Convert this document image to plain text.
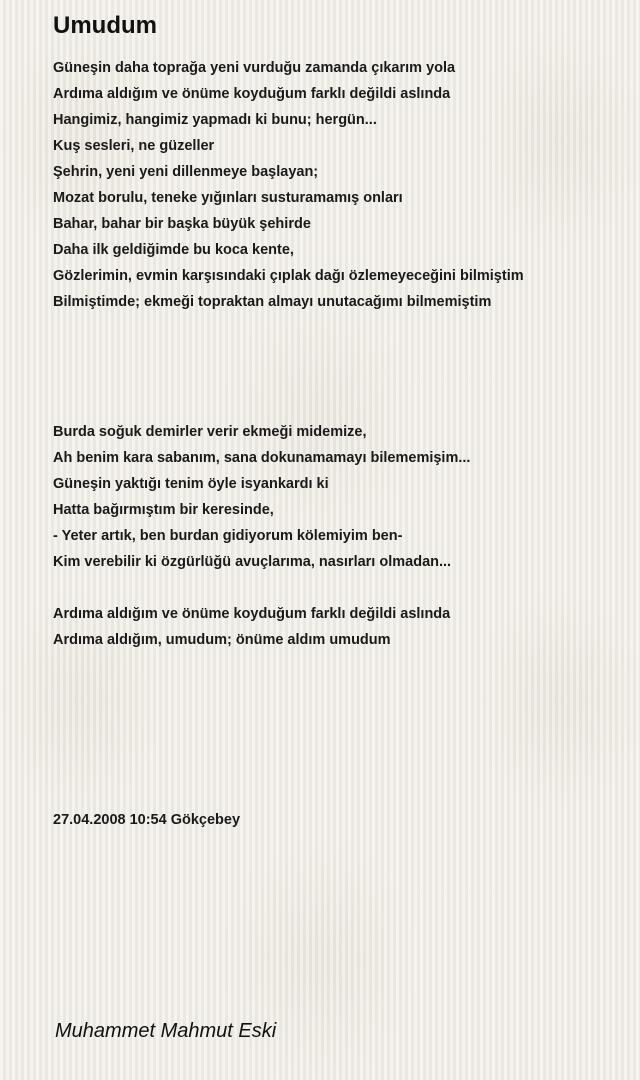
Umudum
Güneşin daha toprağa yeni vurduğu zamanda çıkarım yola
Ardıma aldığım ve önüme koyduğum farklı değildi aslında
Hangimiz, hangimiz yapmadı ki bunu; hergün...
Kuş sesleri, ne güzeller
Şehrin, yeni yeni dillenmeye başlayan;
Mozat borulu, teneke yığınları susturamamış onları
Bahar, bahar bir başka büyük şehirde
Daha ilk geldiğimde bu koca kente,
Gözlerimin, evmin karşısındaki çıplak dağı özlemeyeceğini bilmiştim
Bilmiştimde; ekmeği topraktan almayı unutacağımı bilmemiştim
Burda soğuk demirler verir ekmeği midemize,
Ah benim kara sabanım, sana dokunamamayı bilememişim...
Güneşin yaktığı tenim öyle isyankardı ki
Hatta bağırmıştım bir keresinde,
- Yeter artık, ben burdan gidiyorum kölemiyim ben-
Kim verebilir ki özgürlüğü avuçlarıma, nasırları olmadan...
Ardıma aldığım ve önüme koyduğum farklı değildi aslında
Ardıma aldığım, umudum; önüme aldım umudum
27.04.2008 10:54 Gökçebey
Muhammet Mahmut Eski
